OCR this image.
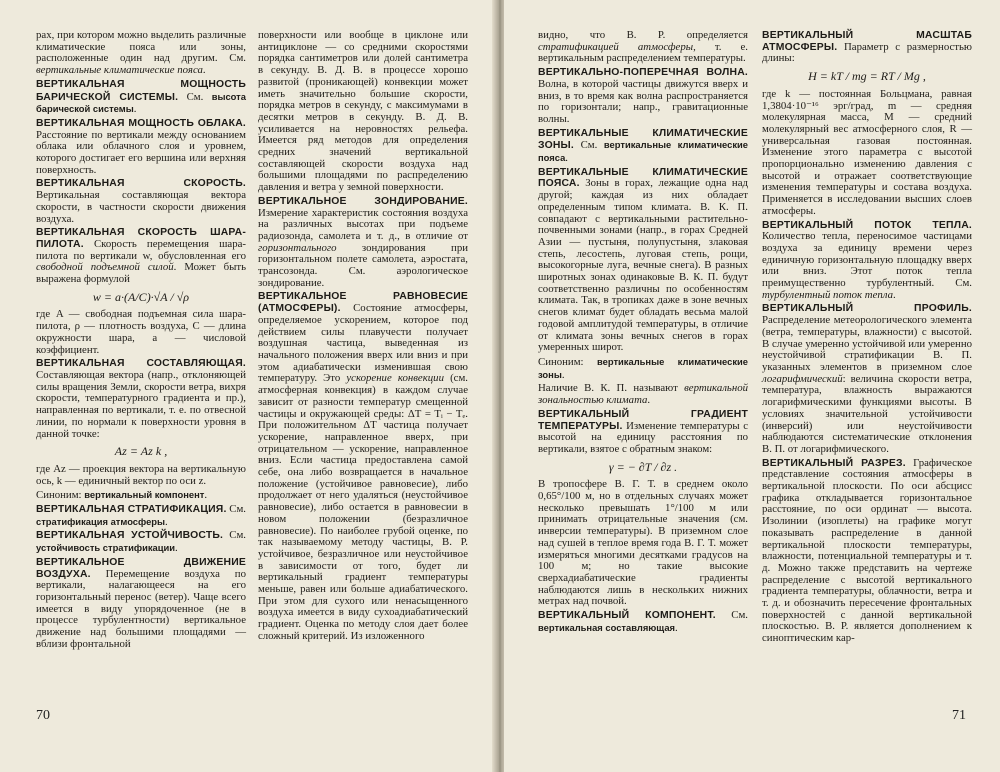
рах, при котором можно выделить различные климатические пояса или зоны, расположенные один над другим. См. вертикальные климатические пояса.

ВЕРТИКАЛЬНАЯ МОЩНОСТЬ БАРИЧЕСКОЙ СИСТЕМЫ. См. высота барической системы.

ВЕРТИКАЛЬНАЯ МОЩНОСТЬ ОБЛАКА. Расстояние по вертикали между основанием облака или облачного слоя и уровнем, которого достигает его вершина или верхняя поверхность.

ВЕРТИКАЛЬНАЯ СКОРОСТЬ. Вертикальная составляющая вектора скорости, в частности скорости движения воздуха.

ВЕРТИКАЛЬНАЯ СКОРОСТЬ ШАРА-ПИЛОТА. Скорость перемещения шара-пилота по вертикали w, обусловленная его свободной подъемной силой. Может быть выражена формулой

w = a·(A/C)·√A / √ρ

где A — свободная подъемная сила шара-пилота, ρ — плотность воздуха, C — длина окружности шара, a — числовой коэффициент.

ВЕРТИКАЛЬНАЯ СОСТАВЛЯЮЩАЯ. Составляющая вектора (напр., отклоняющей силы вращения Земли, скорости ветра, вихря скорости, температурного градиента и пр.), направленная по вертикали, т. е. по отвесной линии, по нормали к поверхности уровня в данной точке:

Aᴢ = Aᴢ k ,

где Aᴢ — проекция вектора на вертикальную ось, k — единичный вектор по оси z.

Синоним: вертикальный компонент.

ВЕРТИКАЛЬНАЯ СТРАТИФИКАЦИЯ. См. стратификация атмосферы.

ВЕРТИКАЛЬНАЯ УСТОЙЧИВОСТЬ. См. устойчивость стратификации.

ВЕРТИКАЛЬНОЕ ДВИЖЕНИЕ ВОЗДУХА. Перемещение воздуха по вертикали, налагающееся на его горизонтальный перенос (ветер). Чаще всего имеется в виду упорядоченное (не в процессе турбулентности) вертикальное движение над большими площадями — вблизи фронтальной

поверхности или вообще в циклоне или антициклоне — со средними скоростями порядка сантиметров или долей сантиметра в секунду. В. Д. В. в процессе хорошо развитой (проникающей) конвекции может иметь значительно большие скорости, порядка метров в секунду, с максимумами в десятки метров в секунду. В. Д. В. усиливается на неровностях рельефа. Имеется ряд методов для определения средних значений вертикальной составляющей скорости воздуха над большими площадями по распределению давления и ветра у земной поверхности.

ВЕРТИКАЛЬНОЕ ЗОНДИРОВАНИЕ. Измерение характеристик состояния воздуха на различных высотах при подъеме радиозонда, самолета и т. д., в отличие от горизонтального зондирования при горизонтальном полете самолета, аэростата, трансозонда. См. аэрологическое зондирование.

ВЕРТИКАЛЬНОЕ РАВНОВЕСИЕ (АТМОСФЕРЫ). Состояние атмосферы, определяемое ускорением, которое под действием силы плавучести получает воздушная частица, выведенная из начального положения вверх или вниз и при этом адиабатически изменившая свою температуру. Это ускорение конвекции (см. атмосферная конвекция) в каждом случае зависит от разности температур смещенной частицы и окружающей среды: ΔT = Tᵢ − Tₑ. При положительном ΔT частица получает ускорение, направленное вверх, при отрицательном — ускорение, направленное вниз. Если частица предоставлена самой себе, она либо возвращается в начальное положение (устойчивое равновесие), либо продолжает от него удаляться (неустойчивое равновесие), либо остается в равновесии в новом положении (безразличное равновесие). По наиболее грубой оценке, по так называемому методу частицы, В. Р. устойчивое, безразличное или неустойчивое в зависимости от того, будет ли вертикальный градиент температуры меньше, равен или больше адиабатического. При этом для сухого или ненасыщенного воздуха имеется в виду сухоадиабатический градиент. Оценка по методу слоя дает более сложный критерий. Из изложенного

70

видно, что В. Р. определяется стратификацией атмосферы, т. е. вертикальным распределением температуры.

ВЕРТИКАЛЬНО-ПОПЕРЕЧНАЯ ВОЛНА. Волна, в которой частицы движутся вверх и вниз, в то время как волна распространяется по горизонтали; напр., гравитационные волны.

ВЕРТИКАЛЬНЫЕ КЛИМАТИЧЕСКИЕ ЗОНЫ. См. вертикальные климатические пояса.

ВЕРТИКАЛЬНЫЕ КЛИМАТИЧЕСКИЕ ПОЯСА. Зоны в горах, лежащие одна над другой; каждая из них обладает определенным типом климата. В. К. П. совпадают с вертикальными растительно-почвенными зонами (напр., в горах Средней Азии — пустыня, полупустыня, злаковая степь, лесостепь, луговая степь, рощи, высокогорные луга, вечные снега). В разных широтных зонах одинаковые В. К. П. будут соответственно различны по особенностям климата. Так, в тропиках даже в зоне вечных снегов климат будет обладать весьма малой годовой амплитудой температуры, в отличие от климата зоны вечных снегов в горах умеренных широт.

Синоним: вертикальные климатические зоны.

Наличие В. К. П. называют вертикальной зональностью климата.

ВЕРТИКАЛЬНЫЙ ГРАДИЕНТ ТЕМПЕРАТУРЫ. Изменение температуры с высотой на единицу расстояния по вертикали, взятое с обратным знаком:

γ = − ∂T / ∂z .

В тропосфере В. Г. Т. в среднем около 0,65°/100 м, но в отдельных случаях может несколько превышать 1°/100 м или принимать отрицательные значения (см. инверсии температуры). В приземном слое над сушей в теплое время года В. Г. Т. может измеряться многими десятками градусов на 100 м; но такие высокие сверхадиабатические градиенты наблюдаются лишь в нескольких нижних метрах над почвой.

ВЕРТИКАЛЬНЫЙ КОМПОНЕНТ. См. вертикальная составляющая.

ВЕРТИКАЛЬНЫЙ МАСШТАБ АТМОСФЕРЫ. Параметр с размерностью длины:

H = kT / mg = RT / Mg ,

где k — постоянная Больцмана, равная 1,3804·10⁻¹⁶ эрг/град, m — средняя молекулярная масса, M — средний молекулярный вес атмосферного слоя, R — универсальная газовая постоянная. Изменение этого параметра с высотой пропорционально изменению давления с высотой и отражает соответствующие изменения температуры и состава воздуха. Применяется в исследовании высших слоев атмосферы.

ВЕРТИКАЛЬНЫЙ ПОТОК ТЕПЛА. Количество тепла, переносимое частицами воздуха за единицу времени через единичную горизонтальную площадку вверх или вниз. Этот поток тепла преимущественно турбулентный. См. турбулентный поток тепла.

ВЕРТИКАЛЬНЫЙ ПРОФИЛЬ. Распределение метеорологического элемента (ветра, температуры, влажности) с высотой. В случае умеренно устойчивой или умеренно неустойчивой стратификации В. П. указанных элементов в приземном слое логарифмический: величина скорости ветра, температура, влажность выражаются логарифмическими функциями высоты. В условиях значительной устойчивости (инверсий) или неустойчивости наблюдаются систематические отклонения В. П. от логарифмического.

ВЕРТИКАЛЬНЫЙ РАЗРЕЗ. Графическое представление состояния атмосферы в вертикальной плоскости. По оси абсцисс графика откладывается горизонтальное расстояние, по оси ординат — высота. Изолинии (изоплеты) на графике могут показывать распределение в данной вертикальной плоскости температуры, влажности, потенциальной температуры и т. д. Можно также представить на чертеже распределение с высотой вертикального градиента температуры, облачности, ветра и т. д. и обозначить пересечение фронтальных поверхностей с данной вертикальной плоскостью. В. Р. является дополнением к синоптическим кар-

71
